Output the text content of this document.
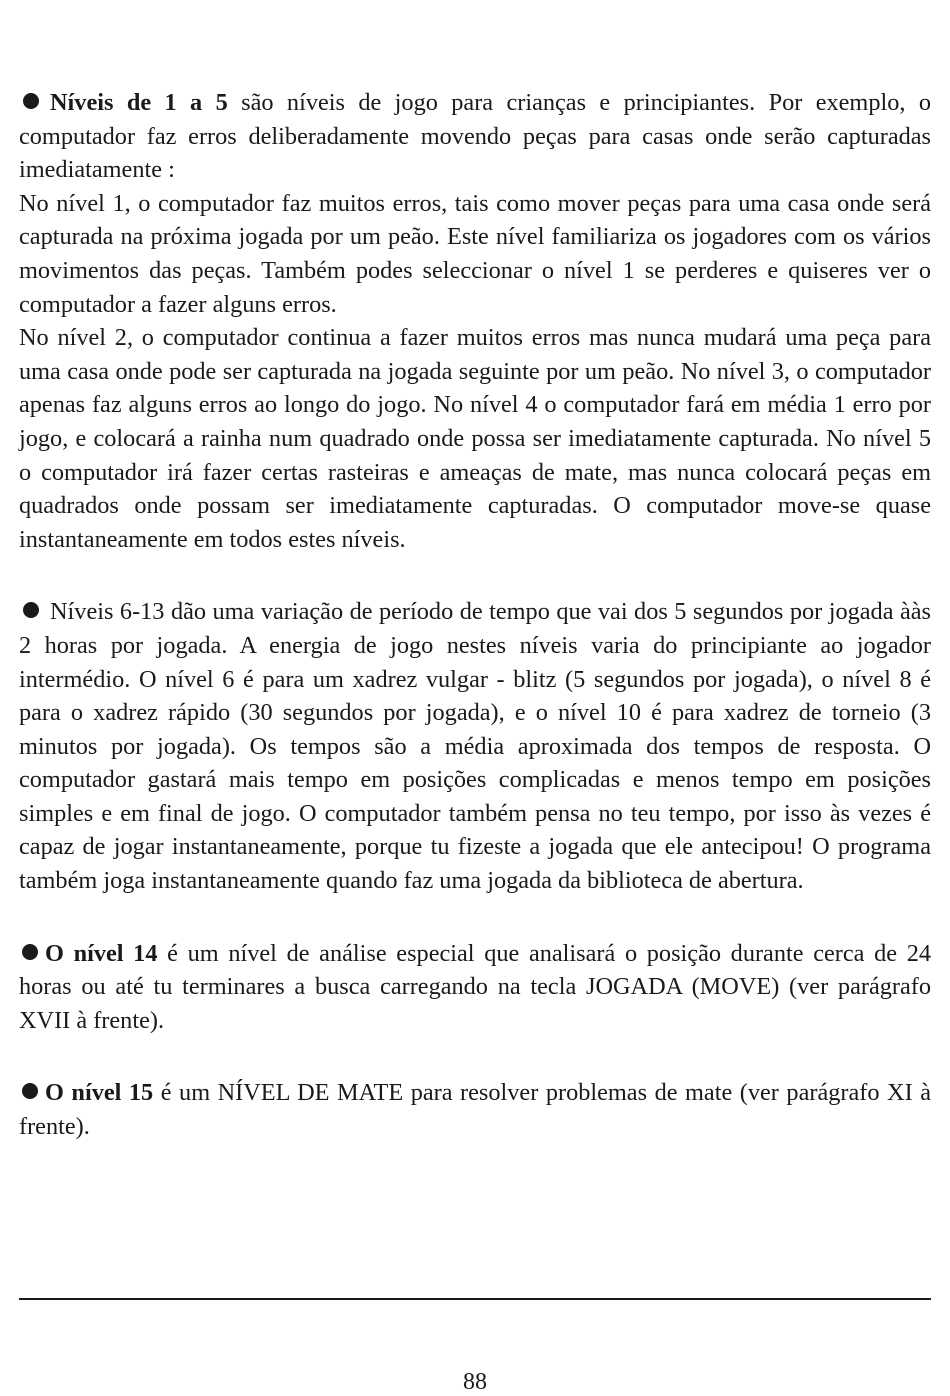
Níveis de 1 a 5 são níveis de jogo para crianças e principiantes. Por exemplo, o computador faz erros deliberadamente movendo peças para casas onde serão capturadas imediatamente :
No nível 1, o computador faz muitos erros, tais como mover peças para uma casa onde será capturada na próxima jogada por um peão. Este nível familiariza os jogadores com os vários movimentos das peças. Também podes seleccionar o nível 1 se perderes e quiseres ver o computador a fazer alguns erros.
No nível 2, o computador continua a fazer muitos erros mas nunca mudará uma peça para uma casa onde pode ser capturada na jogada seguinte por um peão. No nível 3, o computador apenas faz alguns erros ao longo do jogo. No nível 4 o computador fará em média 1 erro por jogo, e colocará a rainha num quadrado onde possa ser imediatamente capturada. No nível 5 o computador irá fazer certas rasteiras e ameaças de mate, mas nunca colocará peças em quadrados onde possam ser imediatamente capturadas. O computador move-se quase instantaneamente em todos estes níveis.

Níveis 6-13 dão uma variação de período de tempo que vai dos 5 segundos por jogada ààs 2 horas por jogada. A energia de jogo nestes níveis varia do principiante ao jogador intermédio. O nível 6 é para um xadrez vulgar - blitz (5 segundos por jogada), o nível 8 é para o xadrez rápido (30 segundos por jogada), e o nível 10 é para xadrez de torneio (3 minutos por jogada). Os tempos são a média aproximada dos tempos de resposta. O computador gastará mais tempo em posições complicadas e menos tempo em posições simples e em final de jogo. O computador também pensa no teu tempo, por isso às vezes é capaz de jogar instantaneamente, porque tu fizeste a jogada que ele antecipou! O programa também joga instantaneamente quando faz uma jogada da biblioteca de abertura.

O nível 14 é um nível de análise especial que analisará o posição durante cerca de 24 horas ou até tu terminares a busca carregando na tecla JOGADA (MOVE) (ver parágrafo XVII à frente).

O nível 15 é um NÍVEL DE MATE para resolver problemas de mate (ver parágrafo XI à frente).

88
